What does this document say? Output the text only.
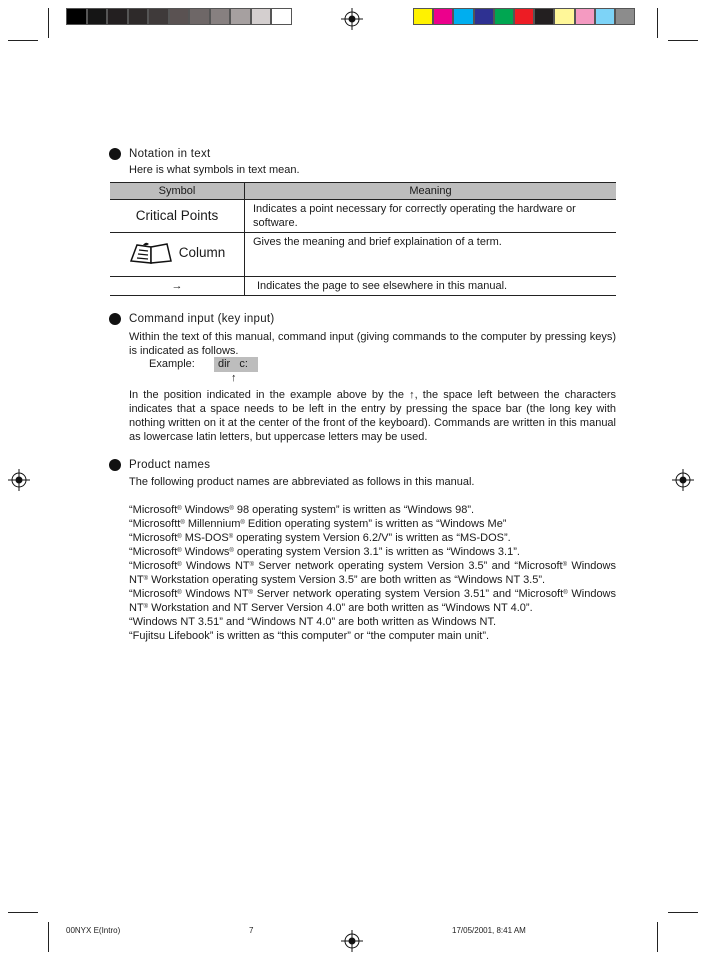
Notation in text
Here is what symbols in text mean.
Symbol	Meaning
Critical Points	Indicates a point necessary for correctly operating the hardware or software.

Column	Gives the meaning and brief explaination of a term.
→	Indicates the page to see elsewhere in this manual.
Command input (key input)
Within the text of this manual, command input (giving commands to the computer by pressing keys) is indicated as follows.
Example:	dir   c:
↑
In the position indicated in the example above by the ↑, the space left between the characters indicates that a space needs to be left in the entry by pressing the space bar (the long key with nothing written on it at the center of the front of the keyboard). Commands are written in this manual as lowercase latin letters, but uppercase letters may be used.
Product names
The following product names are abbreviated as follows in this manual.

“Microsoft® Windows® 98 operating system” is written as “Windows 98”.

“Microsoftt® Millennium® Edition operating system” is written as “Windows Me”

“Microsoft® MS-DOS® operating system Version 6.2/V” is written as “MS-DOS”.

“Microsoft® Windows® operating system Version 3.1” is written as “Windows 3.1”.

“Microsoft® Windows NT® Server network operating system Version 3.5” and “Microsoft® Windows NT® Workstation operating system Version 3.5” are both written as “Windows NT 3.5”.

“Microsoft® Windows NT® Server network operating system Version 3.51” and “Microsoft® Windows NT® Workstation and NT Server Version 4.0” are both written as “Windows NT 4.0”.

“Windows NT 3.51” and “Windows NT 4.0” are both written as Windows NT.

“Fujitsu Lifebook” is written as “this computer” or “the computer main unit”.

00NYX E(Intro)	7	17/05/2001, 8:41 AM
